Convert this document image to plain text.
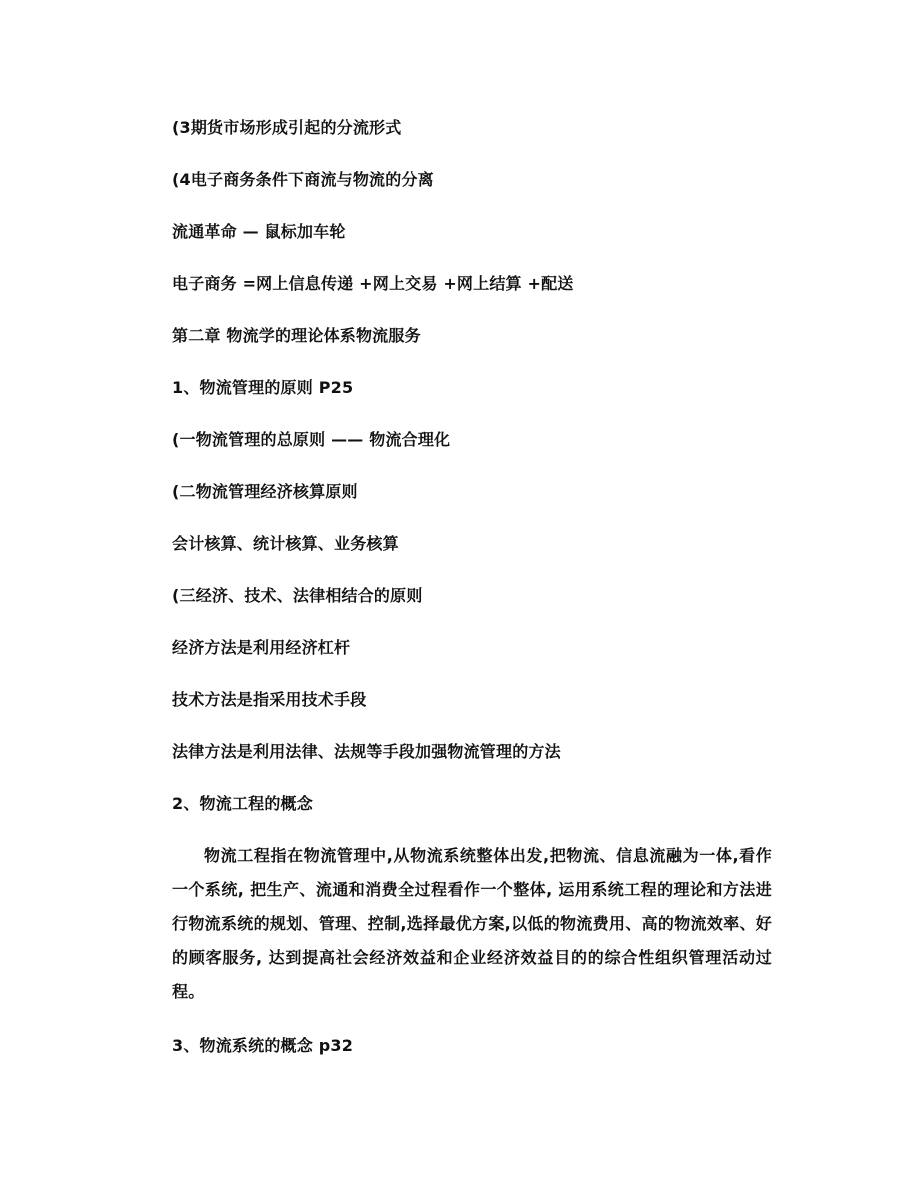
(3期货市场形成引起的分流形式
(4电子商务条件下商流与物流的分离
流通革命 — 鼠标加车轮
电子商务 =网上信息传递 +网上交易 +网上结算 +配送
第二章 物流学的理论体系物流服务
1、物流管理的原则 P25
(一物流管理的总原则 —— 物流合理化
(二物流管理经济核算原则
会计核算、统计核算、业务核算
(三经济、技术、法律相结合的原则
经济方法是利用经济杠杆
技术方法是指采用技术手段
法律方法是利用法律、法规等手段加强物流管理的方法
2、物流工程的概念
物流工程指在物流管理中,从物流系统整体出发,把物流、信息流融为一体,看作一个系统, 把生产、流通和消费全过程看作一个整体, 运用系统工程的理论和方法进行物流系统的规划、管理、控制,选择最优方案,以低的物流费用、高的物流效率、好的顾客服务, 达到提高社会经济效益和企业经济效益目的的综合性组织管理活动过程。
3、物流系统的概念 p32
